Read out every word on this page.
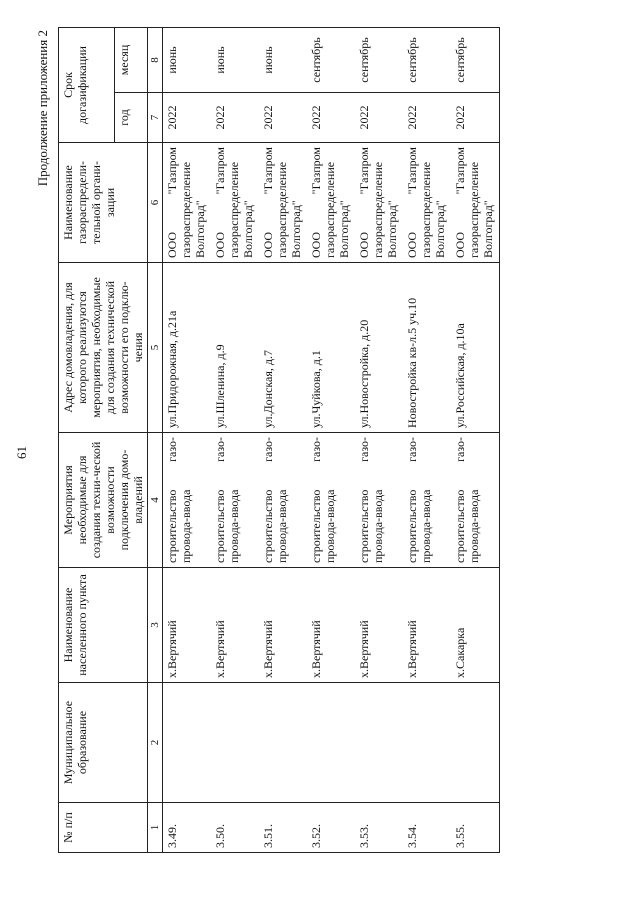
61
Продолжение приложения 2
№ п/п	Муниципальное образование	Наименование населенного пункта	Мероприятия необходимые для создания техни-ческой возможности подключения домо-владений	Адрес домовладения, для которого реализуются мероприятия, необходимые для создания технической возможности его подклю-чения	Наименование газораспредели-тельной органи-зации	Срок догазификации	
						год	месяц
1	2	3	4	5	6	7	8
3.49.		х.Вертячий	строительство газо-провода-ввода	ул.Придорожная, д.21а	ООО "Газпром газораспределение Волгоград"	2022	июнь
3.50.		х.Вертячий	строительство газо-провода-ввода	ул.Шленина, д.9	ООО "Газпром газораспределение Волгоград"	2022	июнь
3.51.		х.Вертячий	строительство газо-провода-ввода	ул.Донская, д.7	ООО "Газпром газораспределение Волгоград"	2022	июнь
3.52.		х.Вертячий	строительство газо-провода-ввода	ул.Чуйкова, д.1	ООО "Газпром газораспределение Волгоград"	2022	сентябрь
3.53.		х.Вертячий	строительство газо-провода-ввода	ул.Новостройка, д.20	ООО "Газпром газораспределение Волгоград"	2022	сентябрь
3.54.		х.Вертячий	строительство газо-провода-ввода	Новостройка кв-л.5 уч.10	ООО "Газпром газораспределение Волгоград"	2022	сентябрь
3.55.		х.Сакарка	строительство газо-провода-ввода	ул.Российская, д.10а	ООО "Газпром газораспределение Волгоград"	2022	сентябрь
